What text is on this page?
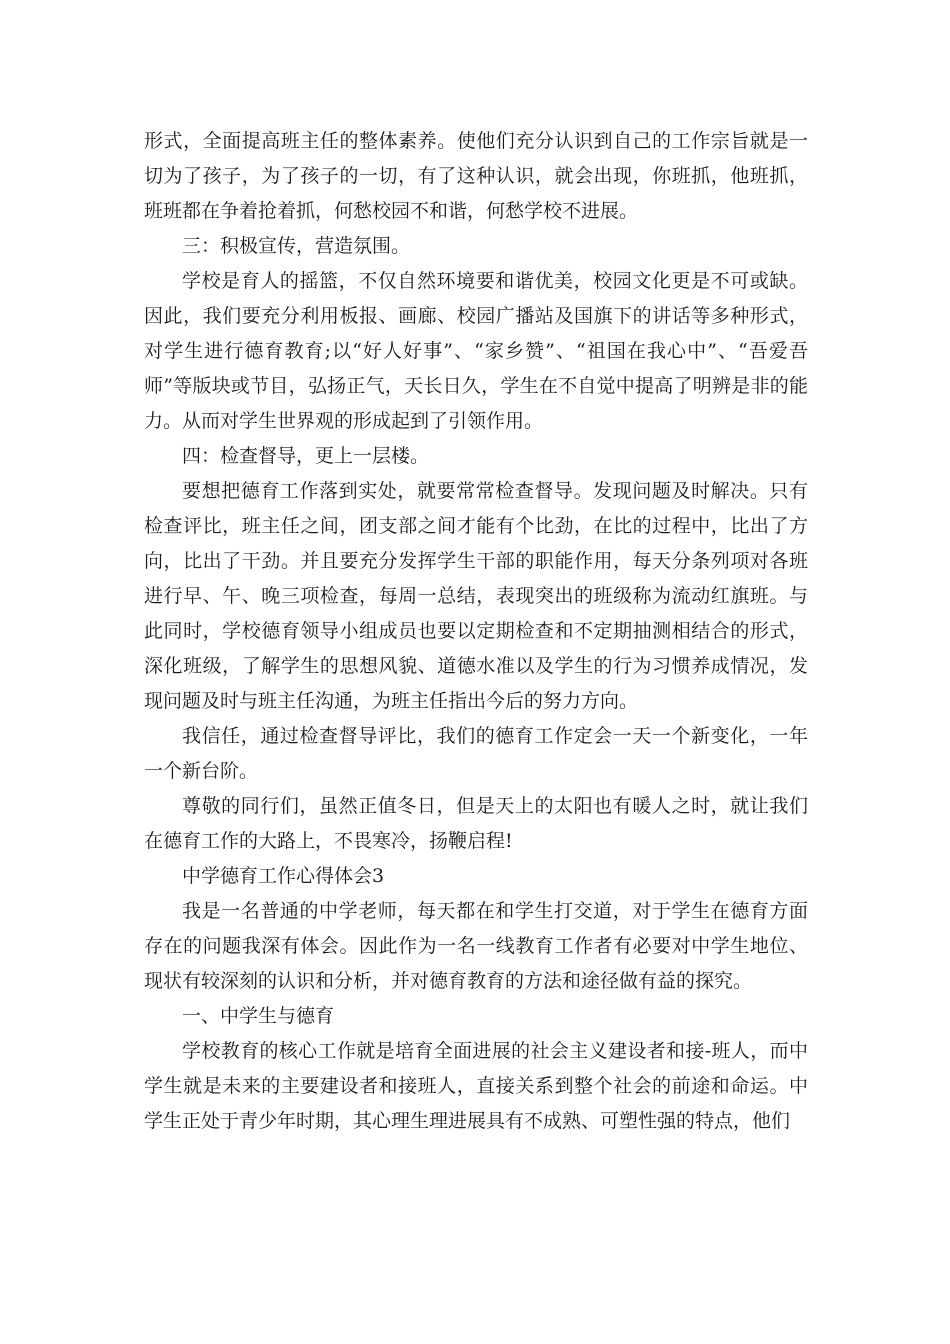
形式，全面提高班主任的整体素养。使他们充分认识到自己的工作宗旨就是一切为了孩子，为了孩子的一切，有了这种认识，就会出现，你班抓，他班抓，班班都在争着抢着抓，何愁校园不和谐，何愁学校不进展。

三：积极宣传，营造氛围。

学校是育人的摇篮，不仅自然环境要和谐优美，校园文化更是不可或缺。因此，我们要充分利用板报、画廊、校园广播站及国旗下的讲话等多种形式，对学生进行德育教育;以“好人好事”、“家乡赞”、“祖国在我心中”、“吾爱吾师”等版块或节目，弘扬正气，天长日久，学生在不自觉中提高了明辨是非的能力。从而对学生世界观的形成起到了引领作用。

四：检查督导，更上一层楼。

要想把德育工作落到实处，就要常常检查督导。发现问题及时解决。只有检查评比，班主任之间，团支部之间才能有个比劲，在比的过程中，比出了方向，比出了干劲。并且要充分发挥学生干部的职能作用，每天分条列项对各班进行早、午、晚三项检查，每周一总结，表现突出的班级称为流动红旗班。与此同时，学校德育领导小组成员也要以定期检查和不定期抽测相结合的形式，深化班级，了解学生的思想风貌、道德水准以及学生的行为习惯养成情况，发现问题及时与班主任沟通，为班主任指出今后的努力方向。

我信任，通过检查督导评比，我们的德育工作定会一天一个新变化，一年一个新台阶。

尊敬的同行们，虽然正值冬日，但是天上的太阳也有暖人之时，就让我们在德育工作的大路上，不畏寒冷，扬鞭启程!

中学德育工作心得体会3

我是一名普通的中学老师，每天都在和学生打交道，对于学生在德育方面存在的问题我深有体会。因此作为一名一线教育工作者有必要对中学生地位、现状有较深刻的认识和分析，并对德育教育的方法和途径做有益的探究。

一、中学生与德育

学校教育的核心工作就是培育全面进展的社会主义建设者和接-班人，而中学生就是未来的主要建设者和接班人，直接关系到整个社会的前途和命运。中学生正处于青少年时期，其心理生理进展具有不成熟、可塑性强的特点，他们
